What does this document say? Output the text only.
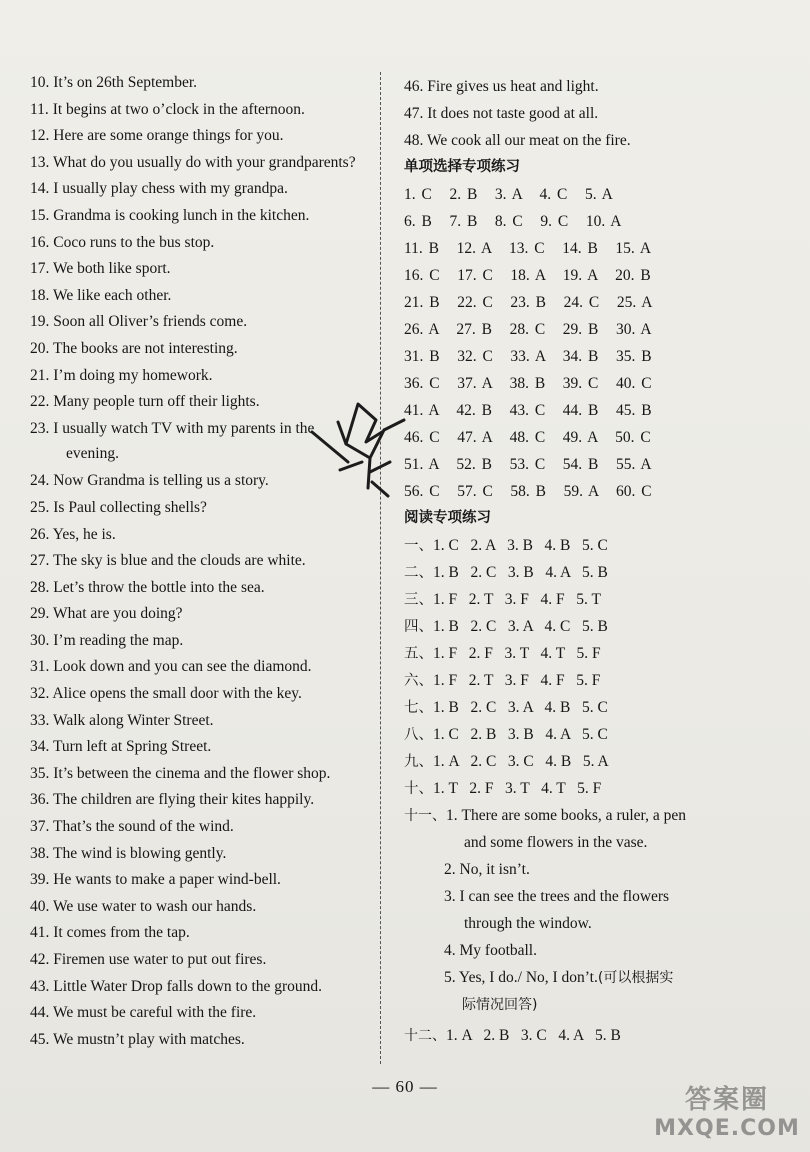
10. It’s on 26th September.
11. It begins at two o’clock in the afternoon.
12. Here are some orange things for you.
13. What do you usually do with your grandparents?
14. I usually play chess with my grandpa.
15. Grandma is cooking lunch in the kitchen.
16. Coco runs to the bus stop.
17. We both like sport.
18. We like each other.
19. Soon all Oliver’s friends come.
20. The books are not interesting.
21. I’m doing my homework.
22. Many people turn off their lights.
23. I usually watch TV with my parents in the
evening.
24. Now Grandma is telling us a story.
25. Is Paul collecting shells?
26. Yes, he is.
27. The sky is blue and the clouds are white.
28. Let’s throw the bottle into the sea.
29. What are you doing?
30. I’m reading the map.
31. Look down and you can see the diamond.
32. Alice opens the small door with the key.
33. Walk along Winter Street.
34. Turn left at Spring Street.
35. It’s between the cinema and the flower shop.
36. The children are flying their kites happily.
37. That’s the sound of the wind.
38. The wind is blowing gently.
39. He wants to make a paper wind-bell.
40. We use water to wash our hands.
41. It comes from the tap.
42. Firemen use water to put out fires.
43. Little Water Drop falls down to the ground.
44. We must be careful with the fire.
45. We mustn’t play with matches.
46. Fire gives us heat and light.
47. It does not taste good at all.
48. We cook all our meat on the fire.
单项选择专项练习
1. C   2. B   3. A   4. C   5. A
6. B   7. B   8. C   9. C   10. A
11. B   12. A   13. C   14. B   15. A
16. C   17. C   18. A   19. A   20. B
21. B   22. C   23. B   24. C   25. A
26. A   27. B   28. C   29. B   30. A
31. B   32. C   33. A   34. B   35. B
36. C   37. A   38. B   39. C   40. C
41. A   42. B   43. C   44. B   45. B
46. C   47. A   48. C   49. A   50. C
51. A   52. B   53. C   54. B   55. A
56. C   57. C   58. B   59. A   60. C
阅读专项练习
一、1. C   2. A   3. B   4. B   5. C
二、1. B   2. C   3. B   4. A   5. B
三、1. F   2. T   3. F   4. F   5. T
四、1. B   2. C   3. A   4. C   5. B
五、1. F   2. F   3. T   4. T   5. F
六、1. F   2. T   3. F   4. F   5. F
七、1. B   2. C   3. A   4. B   5. C
八、1. C   2. B   3. B   4. A   5. C
九、1. A   2. C   3. C   4. B   5. A
十、1. T   2. F   3. T   4. T   5. F
十一、1. There are some books, a ruler, a pen
and some flowers in the vase.
2. No, it isn’t.
3. I can see the trees and the flowers
through the window.
4. My football.
5. Yes, I do./ No, I don’t.(可以根据实
际情况回答)
十二、1. A   2. B   3. C   4. A   5. B
— 60 —	答案圈
MXQE.COM
